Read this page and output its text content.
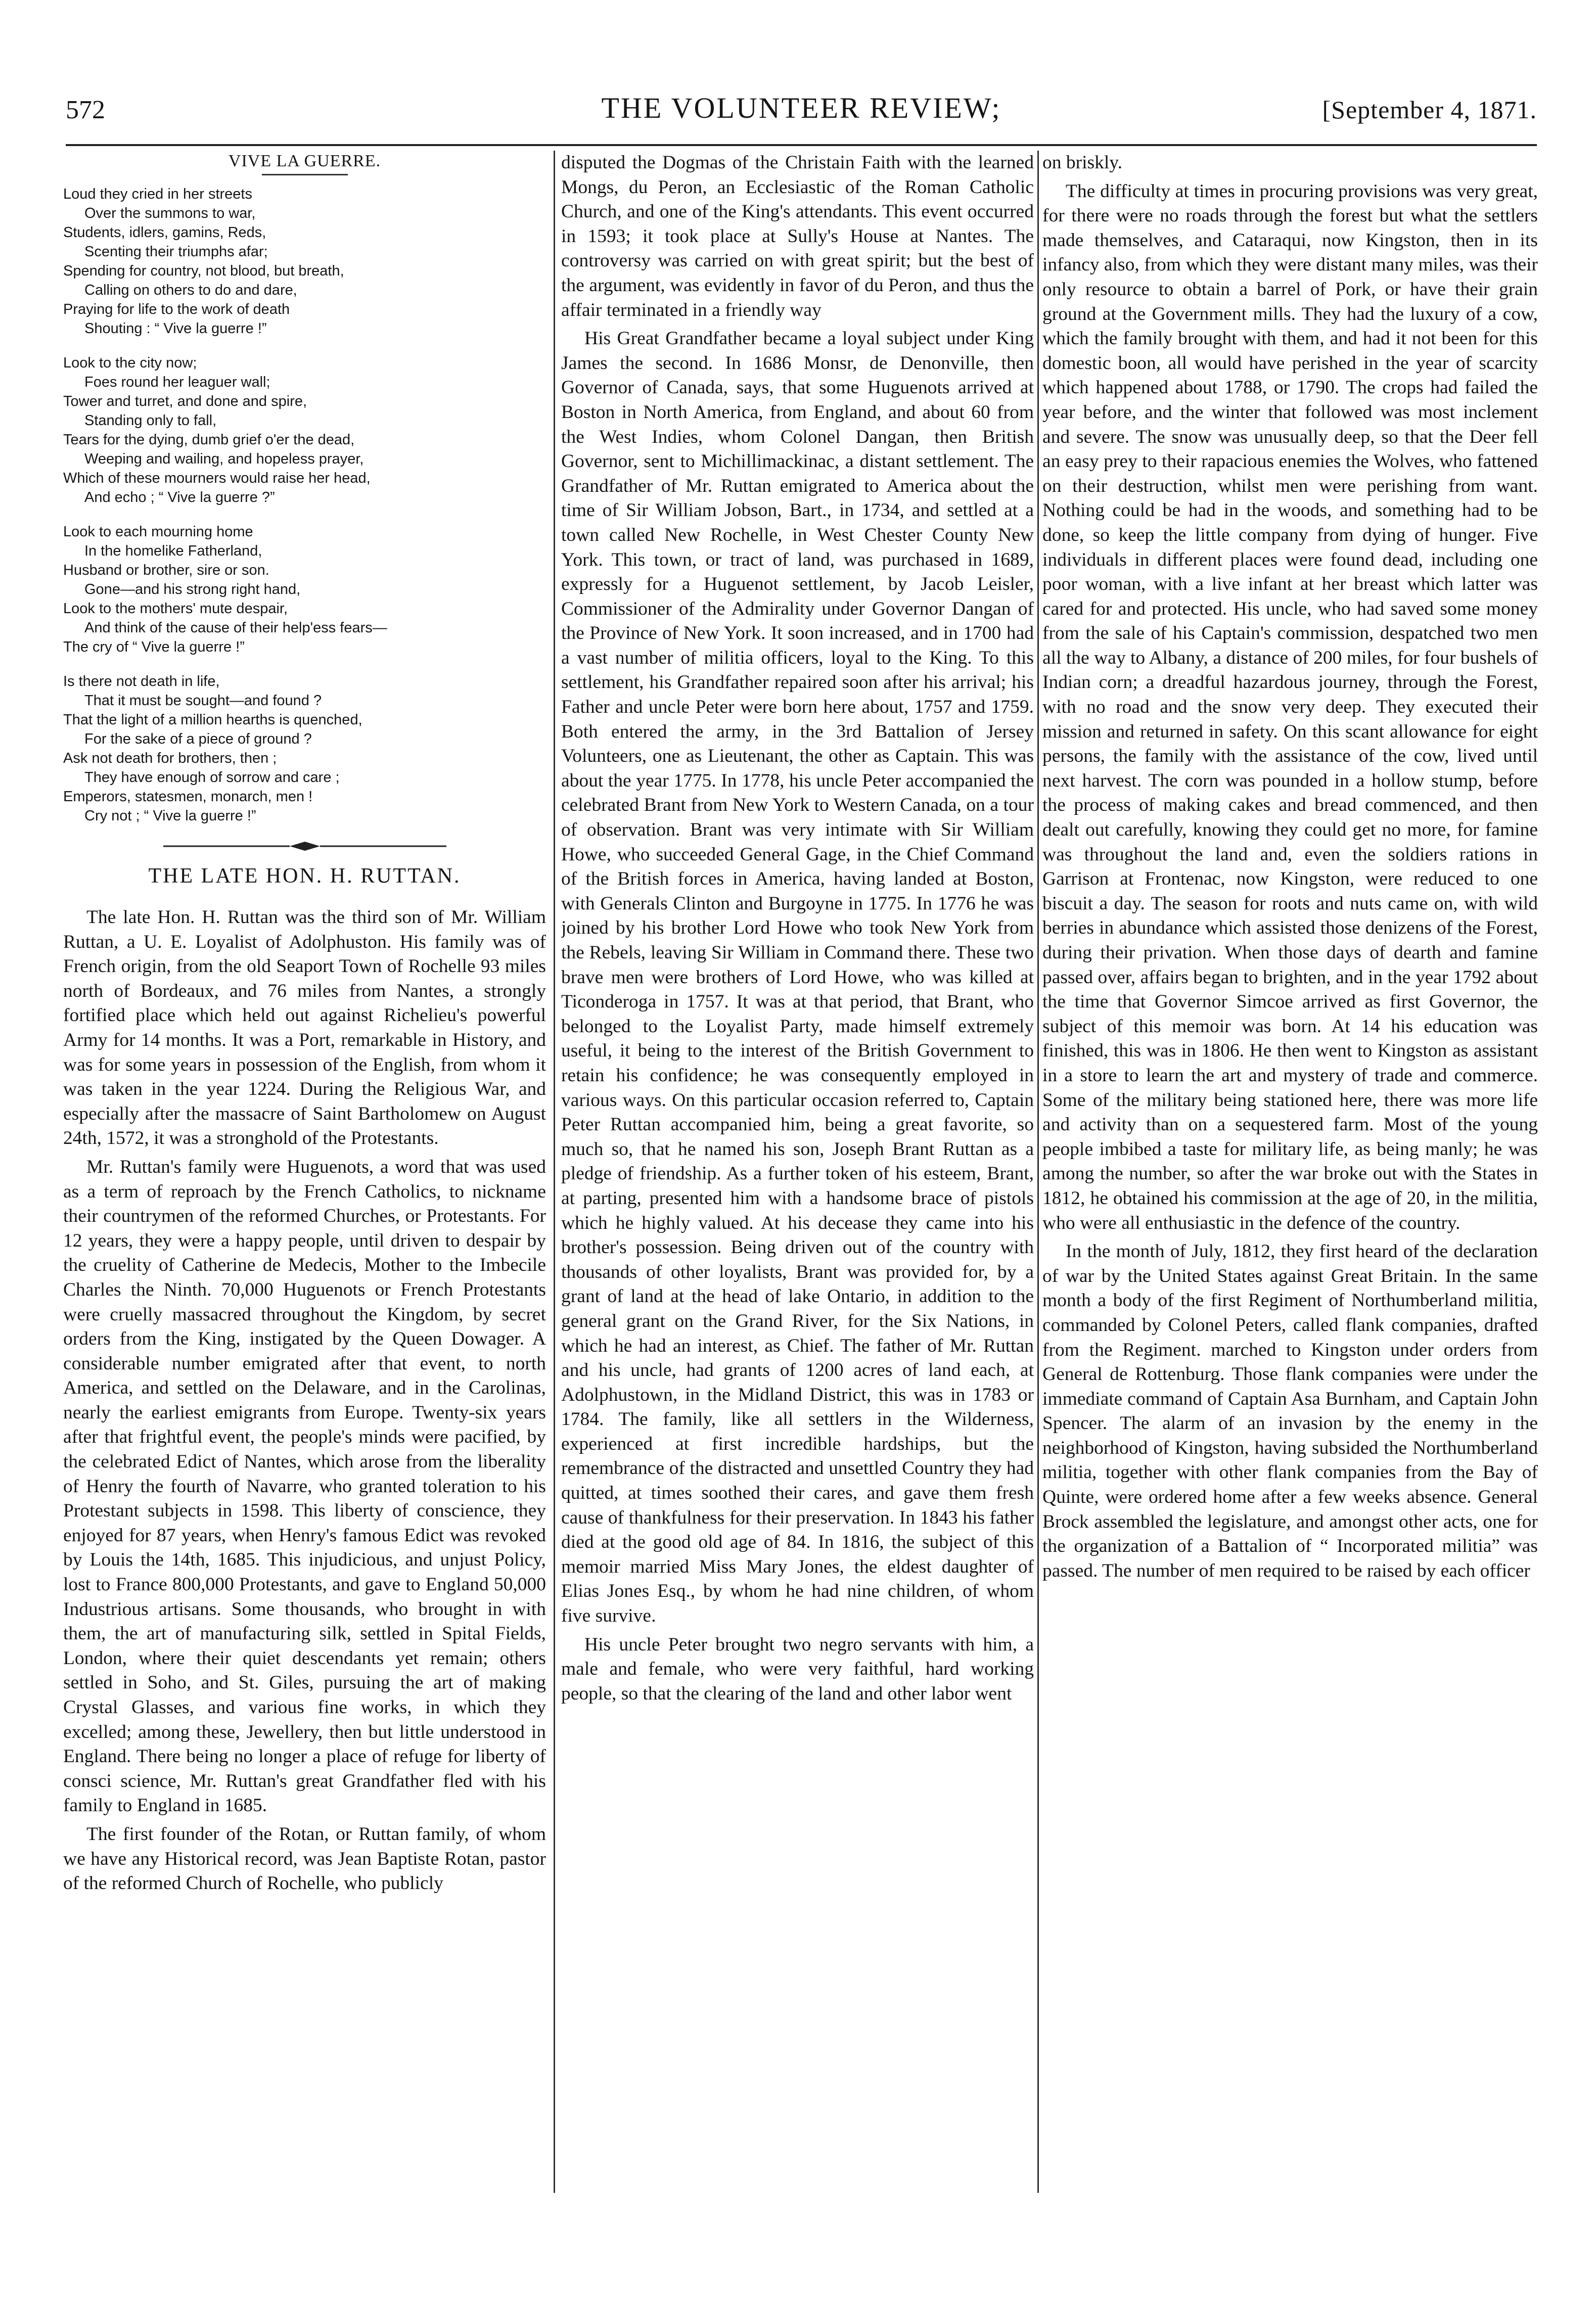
572	THE VOLUNTEER REVIEW;	[September 4, 1871.
VIVE LA GUERRE.
Loud they cried in her streets
Over the summons to war,
Students, idlers, gamins, Reds,
Scenting their triumphs afar;
Spending for country, not blood, but breath,
Calling on others to do and dare,
Praying for life to the work of death
Shouting : “ Vive la guerre !”
Look to the city now;
Foes round her leaguer wall;
Tower and turret, and done and spire,
Standing only to fall,
Tears for the dying, dumb grief o'er the dead,
Weeping and wailing, and hopeless prayer,
Which of these mourners would raise her head,
And echo ; “ Vive la guerre ?”
Look to each mourning home
In the homelike Fatherland,
Husband or brother, sire or son.
Gone—and his strong right hand,
Look to the mothers' mute despair,
And think of the cause of their help'ess fears—
The cry of “ Vive la guerre !”
Is there not death in life,
That it must be sought—and found ?
That the light of a million hearths is quenched,
For the sake of a piece of ground ?
Ask not death for brothers, then ;
They have enough of sorrow and care ;
Emperors, statesmen, monarch, men !
Cry not ; “ Vive la guerre !”
THE LATE HON. H. RUTTAN.

The late Hon. H. Ruttan was the third son of Mr. William Ruttan, a U. E. Loyalist of Adolphuston. His family was of French origin, from the old Seaport Town of Rochelle 93 miles north of Bordeaux, and 76 miles from Nantes, a strongly fortified place which held out against Richelieu's powerful Army for 14 months. It was a Port, remarkable in History, and was for some years in possession of the English, from whom it was taken in the year 1224. During the Religious War, and especially after the massacre of Saint Bartholomew on August 24th, 1572, it was a stronghold of the Protestants.

Mr. Ruttan's family were Huguenots, a word that was used as a term of reproach by the French Catholics, to nickname their countrymen of the reformed Churches, or Protestants. For 12 years, they were a happy people, until driven to despair by the cruelity of Catherine de Medecis, Mother to the Imbecile Charles the Ninth. 70,000 Huguenots or French Protestants were cruelly massacred throughout the Kingdom, by secret orders from the King, instigated by the Queen Dowager. A considerable number emigrated after that event, to north America, and settled on the Delaware, and in the Carolinas, nearly the earliest emigrants from Europe. Twenty-six years after that frightful event, the people's minds were pacified, by the celebrated Edict of Nantes, which arose from the liberality of Henry the fourth of Navarre, who granted toleration to his Protestant subjects in 1598. This liberty of conscience, they enjoyed for 87 years, when Henry's famous Edict was revoked by Louis the 14th, 1685. This injudicious, and unjust Policy, lost to France 800,000 Protestants, and gave to England 50,000 Industrious artisans. Some thousands, who brought in with them, the art of manufacturing silk, settled in Spital Fields, London, where their quiet descendants yet remain; others settled in Soho, and St. Giles, pursuing the art of making Crystal Glasses, and various fine works, in which they excelled; among these, Jewellery, then but little understood in England. There being no longer a place of refuge for liberty of consci science, Mr. Ruttan's great Grandfather fled with his family to England in 1685.

The first founder of the Rotan, or Ruttan family, of whom we have any Historical record, was Jean Baptiste Rotan, pastor of the reformed Church of Rochelle, who publicly

disputed the Dogmas of the Christain Faith with the learned Mongs, du Peron, an Ecclesiastic of the Roman Catholic Church, and one of the King's attendants. This event occurred in 1593; it took place at Sully's House at Nantes. The controversy was carried on with great spirit; but the best of the argument, was evidently in favor of du Peron, and thus the affair terminated in a friendly way

His Great Grandfather became a loyal subject under King James the second. In 1686 Monsr, de Denonville, then Governor of Canada, says, that some Huguenots arrived at Boston in North America, from England, and about 60 from the West Indies, whom Colonel Dangan, then British Governor, sent to Michillimackinac, a distant settlement. The Grandfather of Mr. Ruttan emigrated to America about the time of Sir William Jobson, Bart., in 1734, and settled at a town called New Rochelle, in West Chester County New York. This town, or tract of land, was purchased in 1689, expressly for a Huguenot settlement, by Jacob Leisler, Commissioner of the Admirality under Governor Dangan of the Province of New York. It soon increased, and in 1700 had a vast number of militia officers, loyal to the King. To this settlement, his Grandfather repaired soon after his arrival; his Father and uncle Peter were born here about, 1757 and 1759. Both entered the army, in the 3rd Battalion of Jersey Volunteers, one as Lieutenant, the other as Captain. This was about the year 1775. In 1778, his uncle Peter accompanied the celebrated Brant from New York to Western Canada, on a tour of observation. Brant was very intimate with Sir William Howe, who succeeded General Gage, in the Chief Command of the British forces in America, having landed at Boston, with Generals Clinton and Burgoyne in 1775. In 1776 he was joined by his brother Lord Howe who took New York from the Rebels, leaving Sir William in Command there. These two brave men were brothers of Lord Howe, who was killed at Ticonderoga in 1757. It was at that period, that Brant, who belonged to the Loyalist Party, made himself extremely useful, it being to the interest of the British Government to retain his confidence; he was consequently employed in various ways. On this particular occasion referred to, Captain Peter Ruttan accompanied him, being a great favorite, so much so, that he named his son, Joseph Brant Ruttan as a pledge of friendship. As a further token of his esteem, Brant, at parting, presented him with a handsome brace of pistols which he highly valued. At his decease they came into his brother's possession. Being driven out of the country with thousands of other loyalists, Brant was provided for, by a grant of land at the head of lake Ontario, in addition to the general grant on the Grand River, for the Six Nations, in which he had an interest, as Chief. The father of Mr. Ruttan and his uncle, had grants of 1200 acres of land each, at Adolphustown, in the Midland District, this was in 1783 or 1784. The family, like all settlers in the Wilderness, experienced at first incredible hardships, but the remembrance of the distracted and unsettled Country they had quitted, at times soothed their cares, and gave them fresh cause of thankfulness for their preservation. In 1843 his father died at the good old age of 84. In 1816, the subject of this memoir married Miss Mary Jones, the eldest daughter of Elias Jones Esq., by whom he had nine children, of whom five survive.

His uncle Peter brought two negro servants with him, a male and female, who were very faithful, hard working people, so that the clearing of the land and other labor went

on briskly.

The difficulty at times in procuring provisions was very great, for there were no roads through the forest but what the settlers made themselves, and Cataraqui, now Kingston, then in its infancy also, from which they were distant many miles, was their only resource to obtain a barrel of Pork, or have their grain ground at the Government mills. They had the luxury of a cow, which the family brought with them, and had it not been for this domestic boon, all would have perished in the year of scarcity which happened about 1788, or 1790. The crops had failed the year before, and the winter that followed was most inclement and severe. The snow was unusually deep, so that the Deer fell an easy prey to their rapacious enemies the Wolves, who fattened on their destruction, whilst men were perishing from want. Nothing could be had in the woods, and something had to be done, so keep the little company from dying of hunger. Five individuals in different places were found dead, including one poor woman, with a live infant at her breast which latter was cared for and protected. His uncle, who had saved some money from the sale of his Captain's commission, despatched two men all the way to Albany, a distance of 200 miles, for four bushels of Indian corn; a dreadful hazardous journey, through the Forest, with no road and the snow very deep. They executed their mission and returned in safety. On this scant allowance for eight persons, the family with the assistance of the cow, lived until next harvest. The corn was pounded in a hollow stump, before the process of making cakes and bread commenced, and then dealt out carefully, knowing they could get no more, for famine was throughout the land and, even the soldiers rations in Garrison at Frontenac, now Kingston, were reduced to one biscuit a day. The season for roots and nuts came on, with wild berries in abundance which assisted those denizens of the Forest, during their privation. When those days of dearth and famine passed over, affairs began to brighten, and in the year 1792 about the time that Governor Simcoe arrived as first Governor, the subject of this memoir was born. At 14 his education was finished, this was in 1806. He then went to Kingston as assistant in a store to learn the art and mystery of trade and commerce. Some of the military being stationed here, there was more life and activity than on a sequestered farm. Most of the young people imbibed a taste for military life, as being manly; he was among the number, so after the war broke out with the States in 1812, he obtained his commission at the age of 20, in the militia, who were all enthusiastic in the defence of the country.

In the month of July, 1812, they first heard of the declaration of war by the United States against Great Britain. In the same month a body of the first Regiment of Northumberland militia, commanded by Colonel Peters, called flank companies, drafted from the Regiment. marched to Kingston under orders from General de Rottenburg. Those flank companies were under the immediate command of Captain Asa Burnham, and Captain John Spencer. The alarm of an invasion by the enemy in the neighborhood of Kingston, having subsided the Northumberland militia, together with other flank companies from the Bay of Quinte, were ordered home after a few weeks absence. General Brock assembled the legislature, and amongst other acts, one for the organization of a Battalion of “ Incorporated militia” was passed. The number of men required to be raised by each officer
